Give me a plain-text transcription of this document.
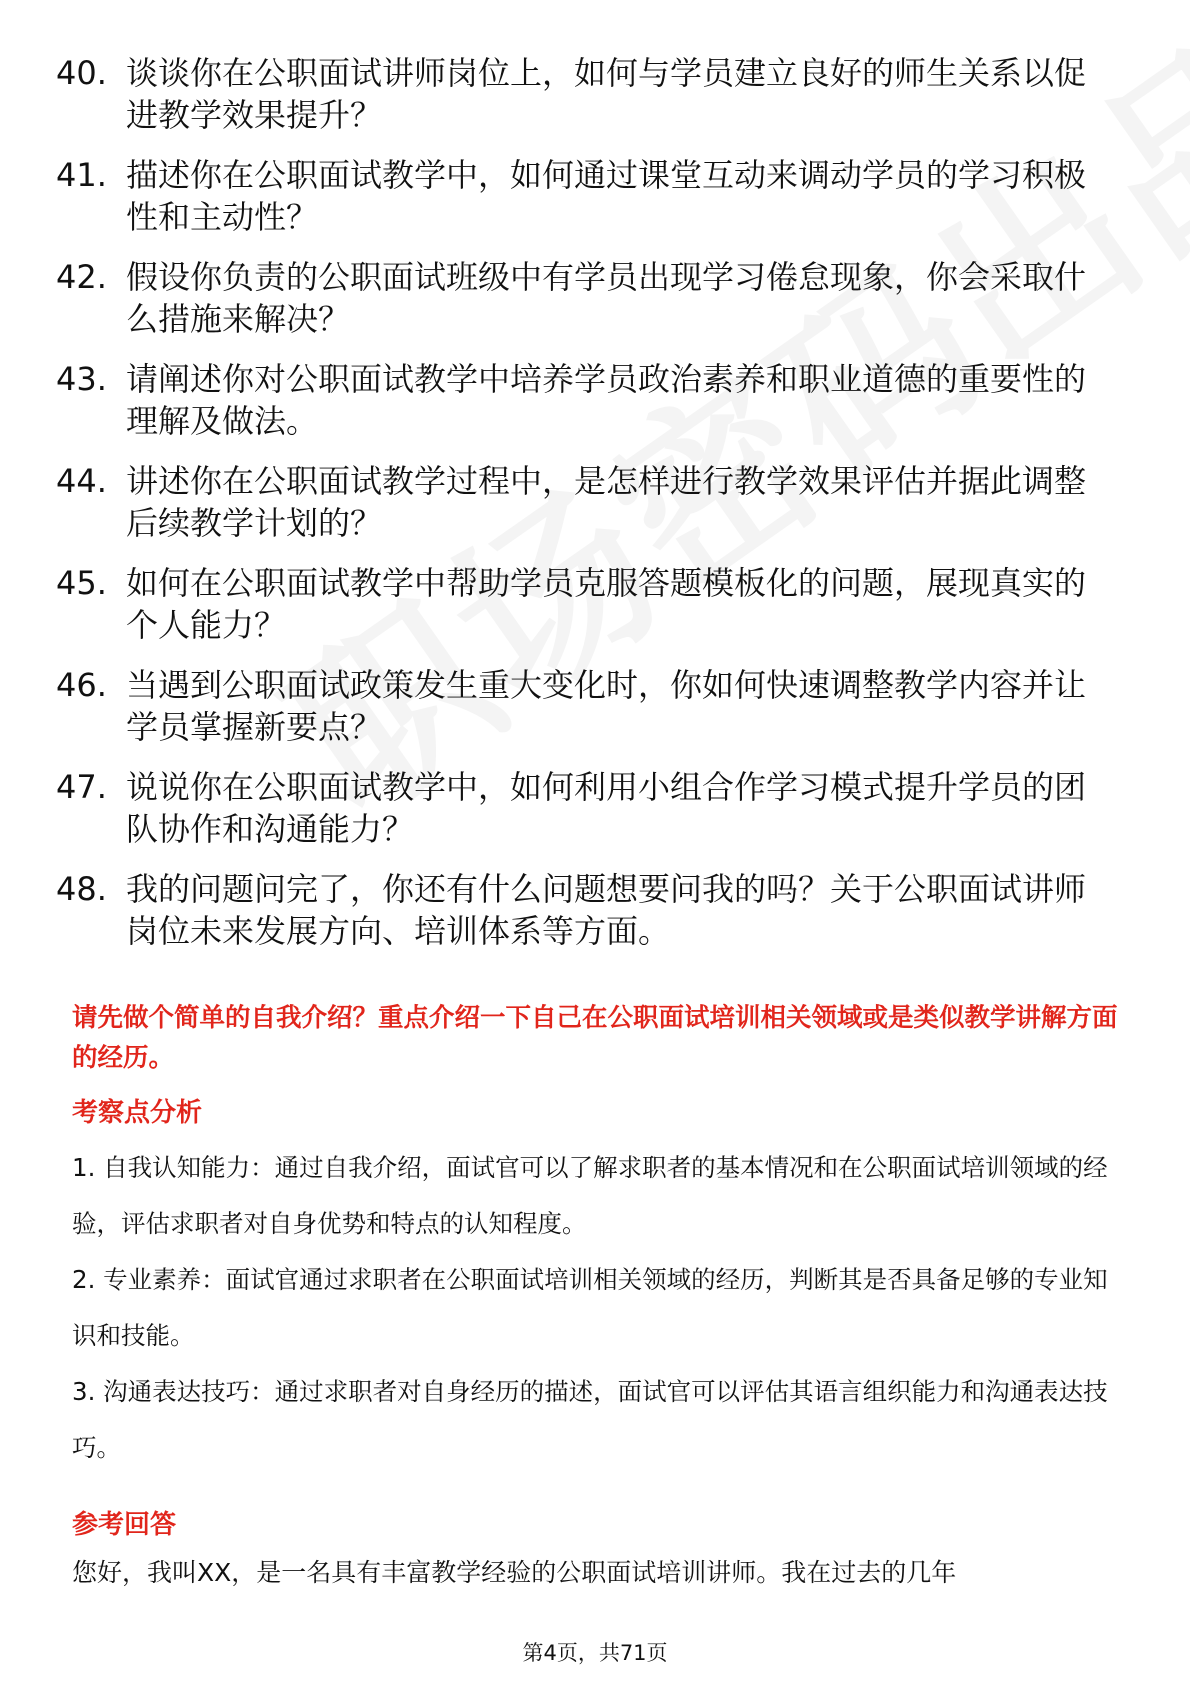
40. 谈谈你在公职面试讲师岗位上，如何与学员建立良好的师生关系以促进教学效果提升？
41. 描述你在公职面试教学中，如何通过课堂互动来调动学员的学习积极性和主动性？
42. 假设你负责的公职面试班级中有学员出现学习倦怠现象，你会采取什么措施来解决？
43. 请阐述你对公职面试教学中培养学员政治素养和职业道德的重要性的理解及做法。
44. 讲述你在公职面试教学过程中，是怎样进行教学效果评估并据此调整后续教学计划的？
45. 如何在公职面试教学中帮助学员克服答题模板化的问题，展现真实的个人能力？
46. 当遇到公职面试政策发生重大变化时，你如何快速调整教学内容并让学员掌握新要点？
47. 说说你在公职面试教学中，如何利用小组合作学习模式提升学员的团队协作和沟通能力？
48. 我的问题问完了，你还有什么问题想要问我的吗？关于公职面试讲师岗位未来发展方向、培训体系等方面。
请先做个简单的自我介绍？重点介绍一下自己在公职面试培训相关领域或是类似教学讲解方面的经历。
考察点分析
1. 自我认知能力：通过自我介绍，面试官可以了解求职者的基本情况和在公职面试培训领域的经验，评估求职者对自身优势和特点的认知程度。
2. 专业素养：面试官通过求职者在公职面试培训相关领域的经历，判断其是否具备足够的专业知识和技能。
3. 沟通表达技巧：通过求职者对自身经历的描述，面试官可以评估其语言组织能力和沟通表达技巧。
参考回答
您好，我叫XX，是一名具有丰富教学经验的公职面试培训讲师。我在过去的几年
第4页，共71页
